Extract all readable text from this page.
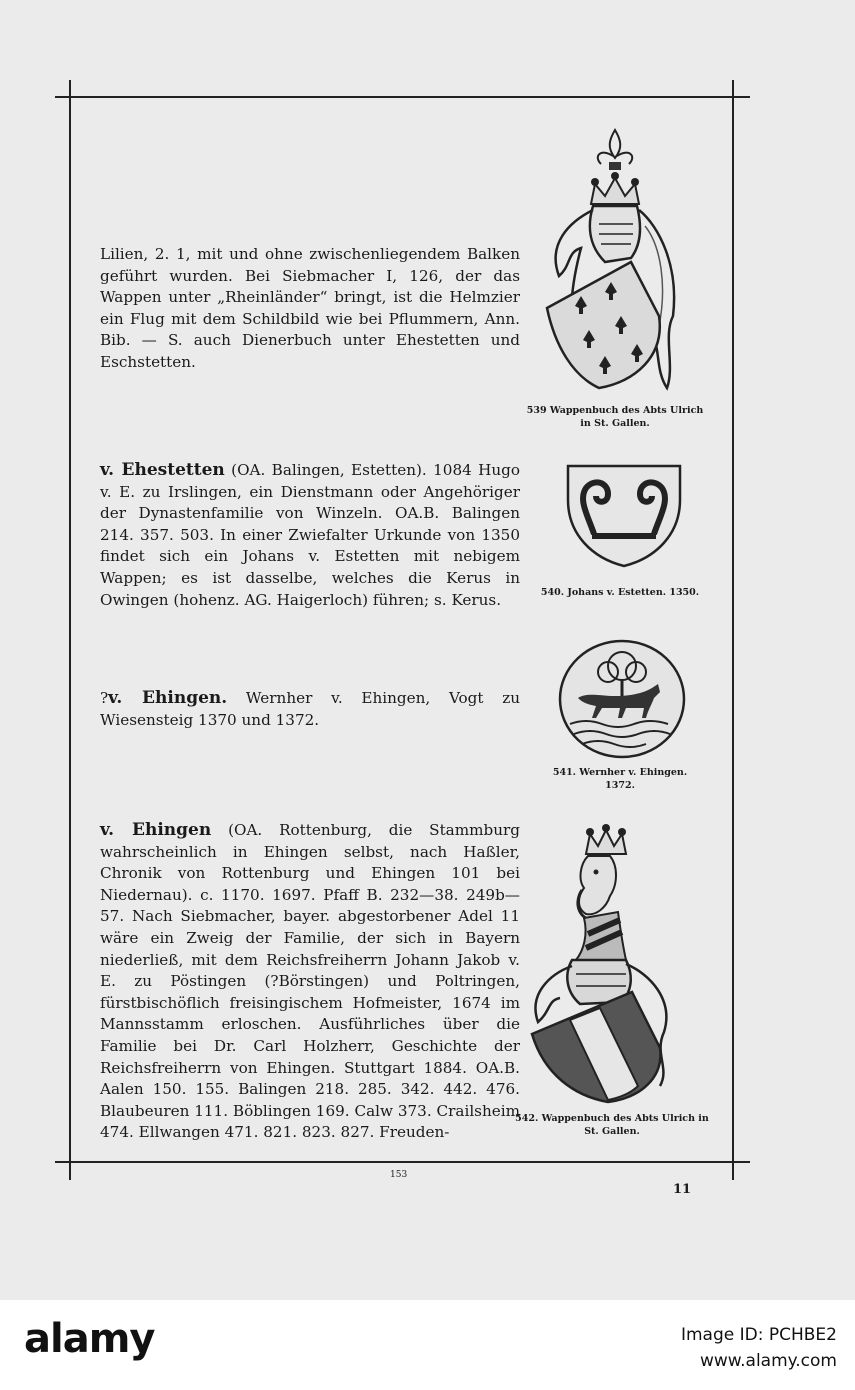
Lilien, 2. 1, mit und ohne zwischenliegendem Balken geführt wurden. Bei Siebmacher I, 126, der das Wappen unter „Rheinländer“ bringt, ist die Helmzier ein Flug mit dem Schildbild wie bei Pflummern, Ann. Bib. — S. auch Dienerbuch unter Ehestetten und Eschstetten.

v. Ehestetten (OA. Balingen, Estetten). 1084 Hugo v. E. zu Irslingen, ein Dienstmann oder Angehöriger der Dynastenfamilie von Winzeln. OA.B. Balingen 214. 357. 503. In einer Zwiefalter Urkunde von 1350 findet sich ein Johans v. Estetten mit nebigem Wappen; es ist dasselbe, welches die Kerus in Owingen (hohenz. AG. Haigerloch) führen; s. Kerus.

?v. Ehingen. Wernher v. Ehingen, Vogt zu Wiesensteig 1370 und 1372.

v. Ehingen (OA. Rottenburg, die Stammburg wahrscheinlich in Ehingen selbst, nach Haßler, Chronik von Rottenburg und Ehingen 101 bei Niedernau). c. 1170. 1697. Pfaff B. 232—38. 249b—57. Nach Siebmacher, bayer. abgestorbener Adel 11 wäre ein Zweig der Familie, der sich in Bayern niederließ, mit dem Reichsfreiherrn Johann Jakob v. E. zu Pöstingen (?Börstingen) und Poltringen, fürstbischöflich freisingischem Hofmeister, 1674 im Mannsstamm erloschen. Ausführliches über die Familie bei Dr. Carl Holzherr, Geschichte der Reichsfreiherrn von Ehingen. Stuttgart 1884. OA.B. Aalen 150. 155. Balingen 218. 285. 342. 442. 476. Blaubeuren 111. Böblingen 169. Calw 373. Crailsheim 474. Ellwangen 471. 821. 823. 827. Freuden-

539 Wappenbuch des Abts Ulrich
in St. Gallen.
540. Johans v. Estetten. 1350.
541. Wernher v. Ehingen.
1372.
542. Wappenbuch des Abts Ulrich in
St. Gallen.
153
11
alamy	Image ID: PCHBE2
www.alamy.com
